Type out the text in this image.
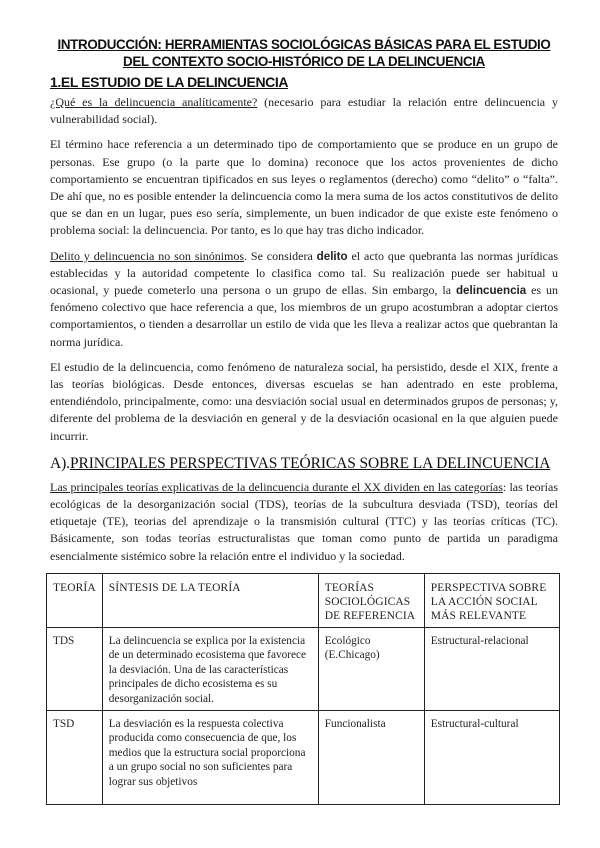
INTRODUCCIÓN: HERRAMIENTAS SOCIOLÓGICAS BÁSICAS PARA EL ESTUDIO
DEL CONTEXTO SOCIO-HISTÓRICO DE LA DELINCUENCIA
1.EL ESTUDIO DE LA DELINCUENCIA

¿Qué es la delincuencia analíticamente? (necesario para estudiar la relación entre delincuencia y vulnerabilidad social).

El término hace referencia a un determinado tipo de comportamiento que se produce en un grupo de personas. Ese grupo (o la parte que lo domina) reconoce que los actos provenientes de dicho comportamiento se encuentran tipificados en sus leyes o reglamentos (derecho) como “delito” o “falta”. De ahí que, no es posible entender la delincuencia como la mera suma de los actos constitutivos de delito que se dan en un lugar, pues eso sería, simplemente, un buen indicador de que existe este fenómeno o problema social: la delincuencia. Por tanto, es lo que hay tras dicho indicador.

Delito y delincuencia no son sinónimos. Se considera delito el acto que quebranta las normas jurídicas establecidas y la autoridad competente lo clasifica como tal. Su realización puede ser habitual u ocasional, y puede cometerlo una persona o un grupo de ellas. Sin embargo, la delincuencia es un fenómeno colectivo que hace referencia a que, los miembros de un grupo acostumbran a adoptar ciertos comportamientos, o tienden a desarrollar un estilo de vida que les lleva a realizar actos que quebrantan la norma jurídica.

El estudio de la delincuencia, como fenómeno de naturaleza social, ha persistido, desde el XIX, frente a las teorías biológicas. Desde entonces, diversas escuelas se han adentrado en este problema, entendiéndolo, principalmente, como: una desviación social usual en determinados grupos de personas; y, diferente del problema de la desviación en general y de la desviación ocasional en la que alguien puede incurrir.

A).PRINCIPALES PERSPECTIVAS TEÓRICAS SOBRE LA DELINCUENCIA

Las principales teorías explicativas de la delincuencia durante el XX dividen en las categorías: las teorías ecológicas de la desorganización social (TDS), teorías de la subcultura desviada (TSD), teorías del etiquetaje (TE), teorias del aprendizaje o la transmisión cultural (TTC) y las teorías críticas (TC). Básicamente, son todas teorías estructuralistas que toman como punto de partida un paradigma esencialmente sistémico sobre la relación entre el individuo y la sociedad.

TEORÍA	SÍNTESIS DE LA TEORÍA	TEORÍAS SOCIOLÓGICAS DE REFERENCIA	PERSPECTIVA SOBRE LA ACCIÓN SOCIAL MÁS RELEVANTE
TDS	La delincuencia se explica por la existencia de un determinado ecosistema que favorece la desviación. Una de las características principales de dicho ecosistema es su desorganización social.	Ecológico (E.Chicago)	Estructural-relacional
TSD	La desviación es la respuesta colectiva producida como consecuencia de que, los medios que la estructura social proporciona a un grupo social no son suficientes para lograr sus objetivos	Funcionalista	Estructural-cultural
